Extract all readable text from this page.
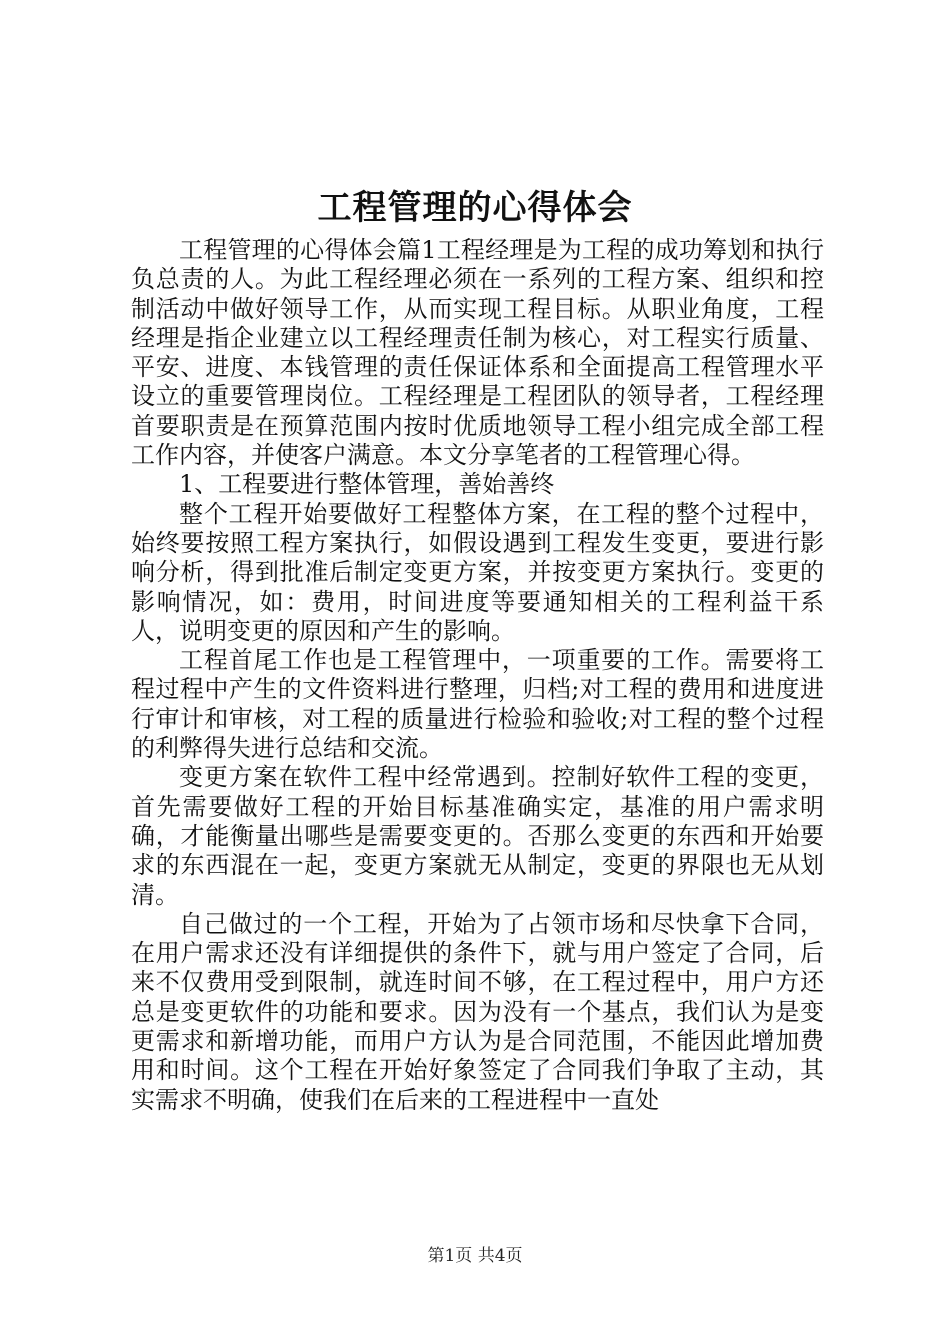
工程管理的心得体会

工程管理的心得体会篇1工程经理是为工程的成功筹划和执行负总责的人。为此工程经理必须在一系列的工程方案、组织和控制活动中做好领导工作，从而实现工程目标。从职业角度，工程经理是指企业建立以工程经理责任制为核心，对工程实行质量、平安、进度、本钱管理的责任保证体系和全面提高工程管理水平设立的重要管理岗位。工程经理是工程团队的领导者，工程经理首要职责是在预算范围内按时优质地领导工程小组完成全部工程工作内容，并使客户满意。本文分享笔者的工程管理心得。

1、工程要进行整体管理，善始善终

整个工程开始要做好工程整体方案，在工程的整个过程中，始终要按照工程方案执行，如假设遇到工程发生变更，要进行影响分析，得到批准后制定变更方案，并按变更方案执行。变更的影响情况，如：费用，时间进度等要通知相关的工程利益干系人，说明变更的原因和产生的影响。

工程首尾工作也是工程管理中，一项重要的工作。需要将工程过程中产生的文件资料进行整理，归档;对工程的费用和进度进行审计和审核，对工程的质量进行检验和验收;对工程的整个过程的利弊得失进行总结和交流。

变更方案在软件工程中经常遇到。控制好软件工程的变更，首先需要做好工程的开始目标基准确实定，基准的用户需求明确，才能衡量出哪些是需要变更的。否那么变更的东西和开始要求的东西混在一起，变更方案就无从制定，变更的界限也无从划清。

自己做过的一个工程，开始为了占领市场和尽快拿下合同，在用户需求还没有详细提供的条件下，就与用户签定了合同，后来不仅费用受到限制，就连时间不够，在工程过程中，用户方还总是变更软件的功能和要求。因为没有一个基点，我们认为是变更需求和新增功能，而用户方认为是合同范围，不能因此增加费用和时间。这个工程在开始好象签定了合同我们争取了主动，其实需求不明确，使我们在后来的工程进程中一直处

第1页 共4页
